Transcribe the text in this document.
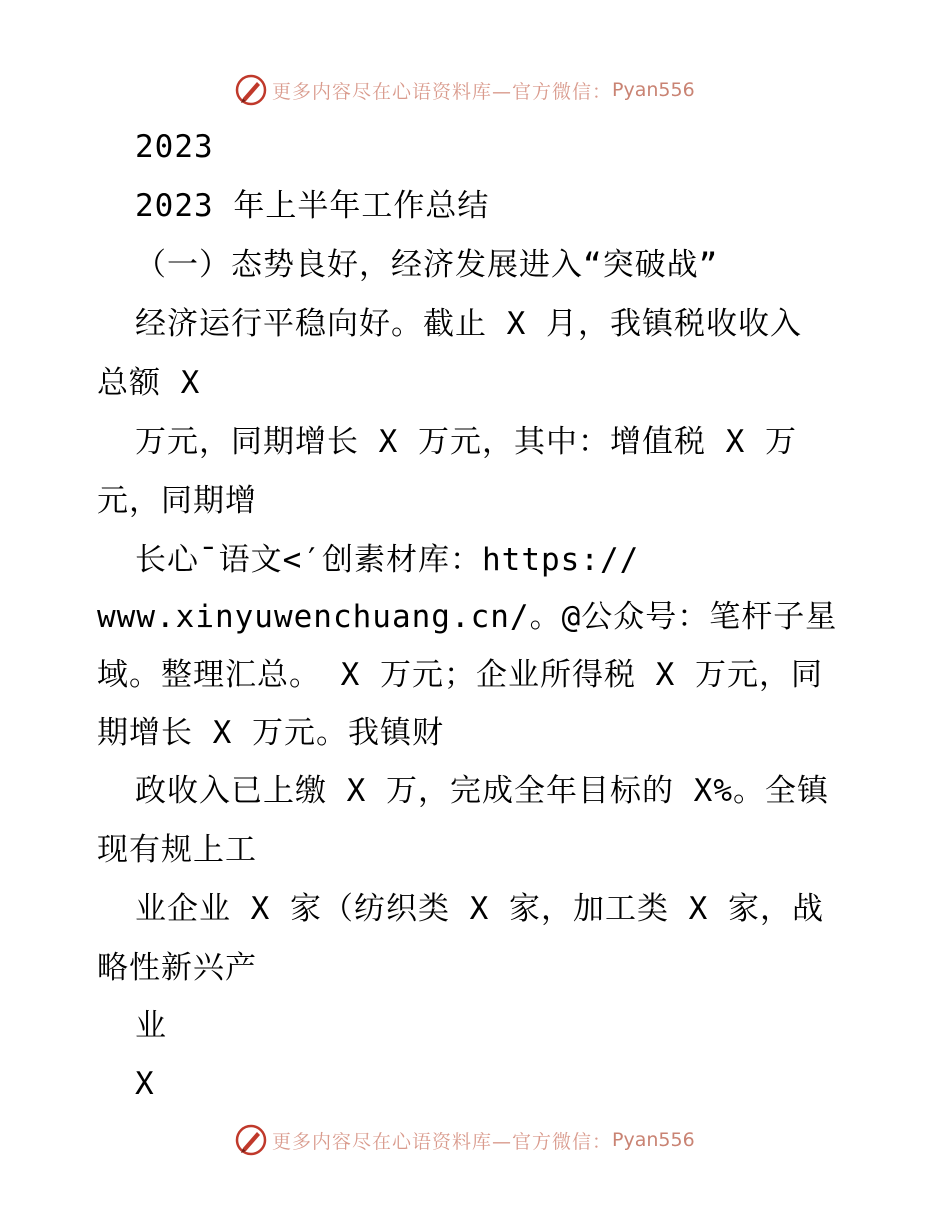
更多内容尽在心语资料库—官方微信： Pyan556
2023
2023 年上半年工作总结
（一）态势良好，经济发展进入“突破战”
经济运行平稳向好。截止 X 月，我镇税收收入
总额 X
万元，同期增长 X 万元，其中：增值税 X 万
元，同期增
长心¯语文<′创素材库：https://
www.xinyuwenchuang.cn/。@公众号：笔杆子星
域。整理汇总。 X 万元；企业所得税 X 万元，同
期增长 X 万元。我镇财
政收入已上缴 X 万，完成全年目标的 X%。全镇
现有规上工
业企业 X 家（纺织类 X 家，加工类 X 家，战
略性新兴产
业
X
更多内容尽在心语资料库—官方微信： Pyan556
